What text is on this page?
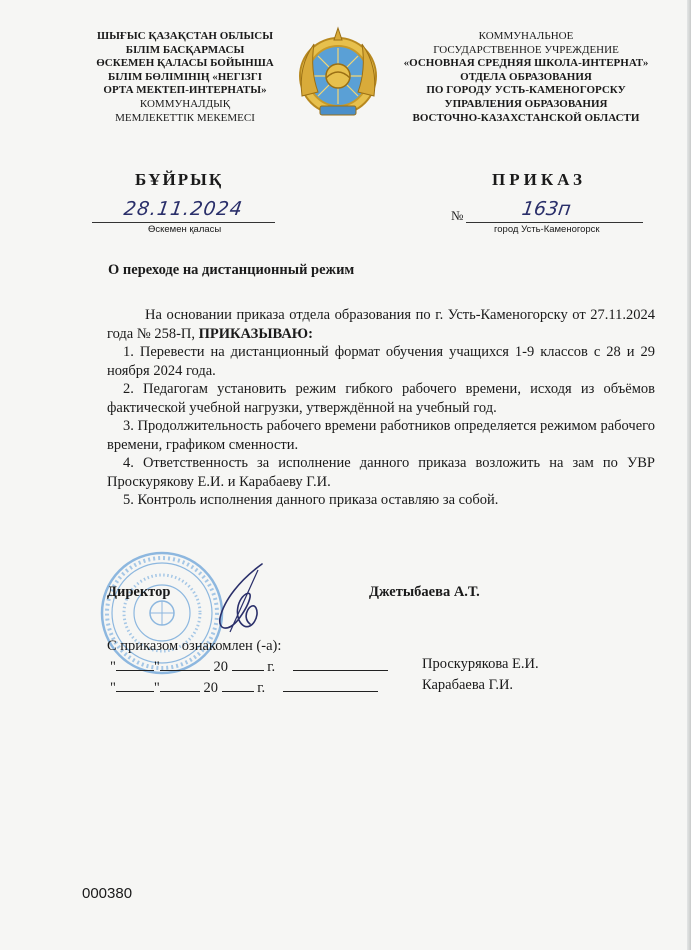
ШЫҒЫС ҚАЗАҚСТАН ОБЛЫСЫ
БІЛІМ БАСҚАРМАСЫ
ӨСКЕМЕН ҚАЛАСЫ БОЙЫНША
БІЛІМ БӨЛІМІНІҢ «НЕГІЗГІ
ОРТА МЕКТЕП-ИНТЕРНАТЫ»
КОММУНАЛДЫҚ
МЕМЛЕКЕТТІК МЕКЕМЕСІ
КОММУНАЛЬНОЕ
ГОСУДАРСТВЕННОЕ УЧРЕЖДЕНИЕ
«ОСНОВНАЯ СРЕДНЯЯ ШКОЛА-ИНТЕРНАТ»
ОТДЕЛА ОБРАЗОВАНИЯ
ПО ГОРОДУ УСТЬ-КАМЕНОГОРСКУ
УПРАВЛЕНИЯ ОБРАЗОВАНИЯ
ВОСТОЧНО-КАЗАХСТАНСКОЙ ОБЛАСТИ
БҰЙРЫҚ	ПРИКАЗ
28.11.2024
Өскемен қаласы
№	163п
город Усть-Каменогорск
О переходе на дистанционный режим

На основании приказа отдела образования по г. Усть-Каменогорску от 27.11.2024 года № 258-П, ПРИКАЗЫВАЮ:

1. Перевести на дистанционный формат обучения учащихся 1-9 классов с 28 и 29 ноября 2024 года.

2. Педагогам установить режим гибкого рабочего времени, исходя из объёмов фактической учебной нагрузки, утверждённой на учебный год.

3. Продолжительность рабочего времени работников определяется режимом рабочего времени, графиком сменности.

4. Ответственность за исполнение данного приказа возложить на зам по УВР Проскурякову Е.И. и Карабаеву Г.И.

5. Контроль исполнения данного приказа оставляю за собой.

Директор	Джетыбаева А.Т.
С приказом ознакомлен (-а):
"	"	20	г.	Проскурякова Е.И.
"	"	20	г.	Карабаева Г.И.
000380
